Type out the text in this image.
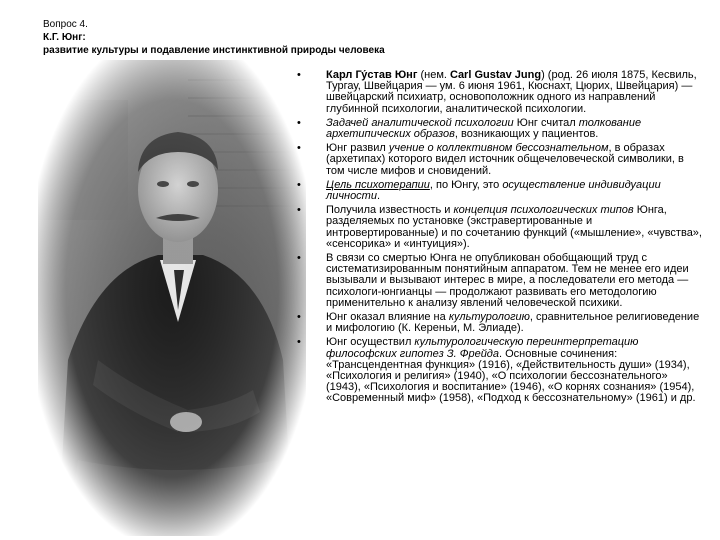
Вопрос 4.
К.Г. Юнг:
развитие культуры и подавление инстинктивной природы человека
• Карл Гу́став Юнг (нем. Carl Gustav Jung) (род. 26 июля 1875, Кесвиль, Тургау, Швейцария — ум. 6 июня 1961, Кюснахт, Цюрих, Швейцария) — швейцарский психиатр, основоположник одного из направлений глубинной психологии, аналитической психологии.
• Задачей аналитической психологии Юнг считал толкование архетипических образов, возникающих у пациентов.
• Юнг развил учение о коллективном бессознательном, в образах (архетипах) которого видел источник общечеловеческой символики, в том числе мифов и сновидений.
• Цель психотерапии, по Юнгу, это осуществление индивидуации личности.
• Получила известность и концепция психологических типов Юнга, разделяемых по установке (экстравертированные и интровертированные) и по сочетанию функций («мышление», «чувства», «сенсорика» и «интуиция»).
• В связи со смертью Юнга не опубликован обобщающий труд с систематизированным понятийным аппаратом. Тем не менее его идеи вызывали и вызывают интерес в мире, а последователи его метода — психологи-юнгианцы — продолжают развивать его методологию применительно к анализу явлений человеческой психики.
• Юнг оказал влияние на культурологию, сравнительное религиоведение и мифологию (К. Кереньи, М. Элиаде).
• Юнг осуществил культурологическую переинтерпретацию философских гипотез З. Фрейда. Основные сочинения: «Трансцендентная функция» (1916), «Действительность души» (1934), «Психология и религия» (1940), «О психологии бессознательного» (1943), «Психология и воспитание» (1946), «О корнях сознания» (1954), «Современный миф» (1958), «Подход к бессознательному» (1961) и др.
